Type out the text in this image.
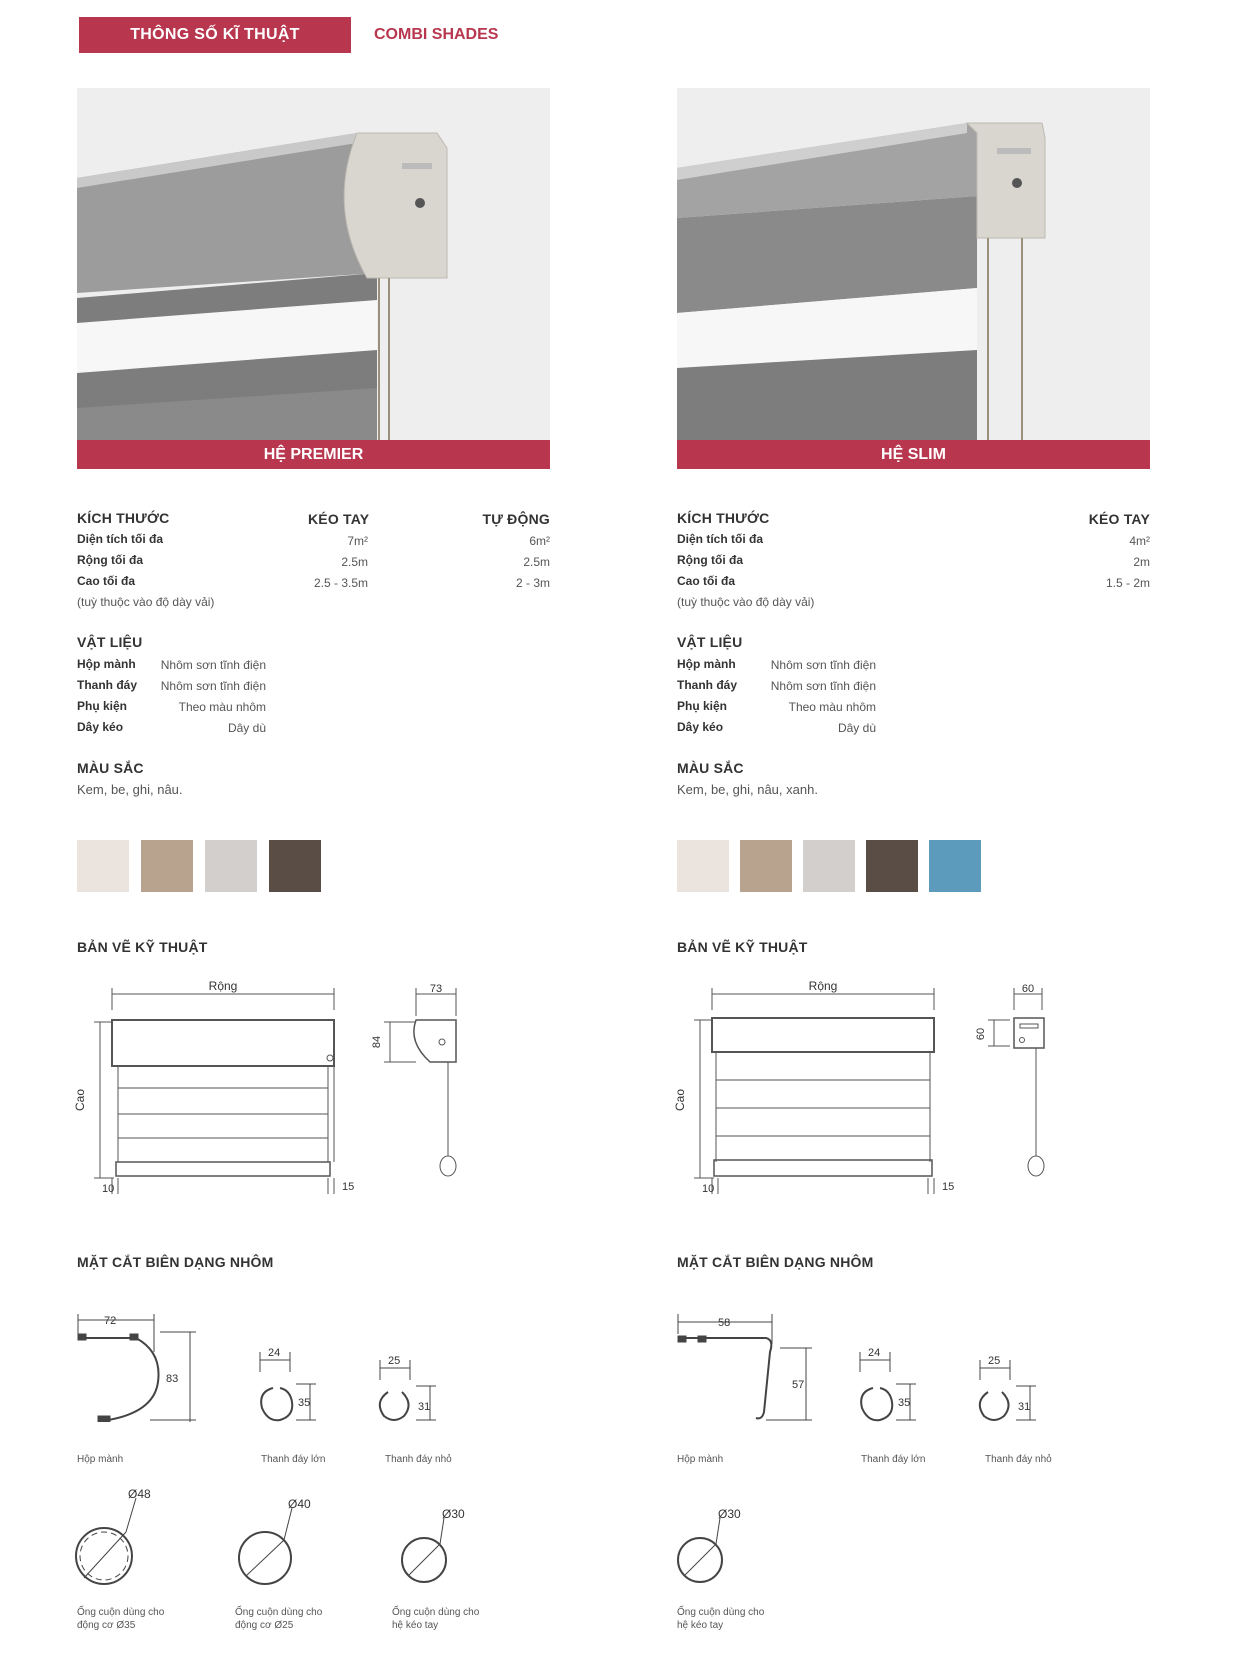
THÔNG SỐ KĨ THUẬT	COMBI SHADES
HỆ PREMIER
KÍCH THƯỚC	KÉO TAY	TỰ ĐỘNG
Diện tích tối đa	7m²	6m²
Rộng tối đa	2.5m	2.5m
Cao tối đa	2.5 - 3.5m	2 - 3m
(tuỳ thuộc vào độ dày vải)
VẬT LIỆU
Hộp mành	Nhôm sơn tĩnh điện
Thanh đáy	Nhôm sơn tĩnh điện
Phụ kiện	Theo màu nhôm
Dây kéo	Dây dù
MÀU SẮC
Kem, be, ghi, nâu.
BẢN VẼ KỸ THUẬT
Rộng
Cao
73
84
10	15
MẶT CẮT BIÊN DẠNG NHÔM
72
83
24
35
25
31
Hộp mành	Thanh đáy lớn	Thanh đáy nhỏ
Ø48
Ø40
Ø30
Ống cuộn dùng cho
động cơ Ø35
Ống cuộn dùng cho
động cơ Ø25
Ống cuộn dùng cho
hệ kéo tay
HỆ SLIM
KÍCH THƯỚC	KÉO TAY
Diện tích tối đa	4m²
Rộng tối đa	2m
Cao tối đa	1.5 - 2m
(tuỳ thuộc vào độ dày vải)
VẬT LIỆU
Hộp mành	Nhôm sơn tĩnh điện
Thanh đáy	Nhôm sơn tĩnh điện
Phụ kiện	Theo màu nhôm
Dây kéo	Dây dù
MÀU SẮC
Kem, be, ghi, nâu, xanh.
BẢN VẼ KỸ THUẬT
Rộng
Cao
60
60
10	15
MẶT CẮT BIÊN DẠNG NHÔM
58
57
24
35
25
31
Hộp mành	Thanh đáy lớn	Thanh đáy nhỏ
Ø30
Ống cuộn dùng cho
hệ kéo tay
